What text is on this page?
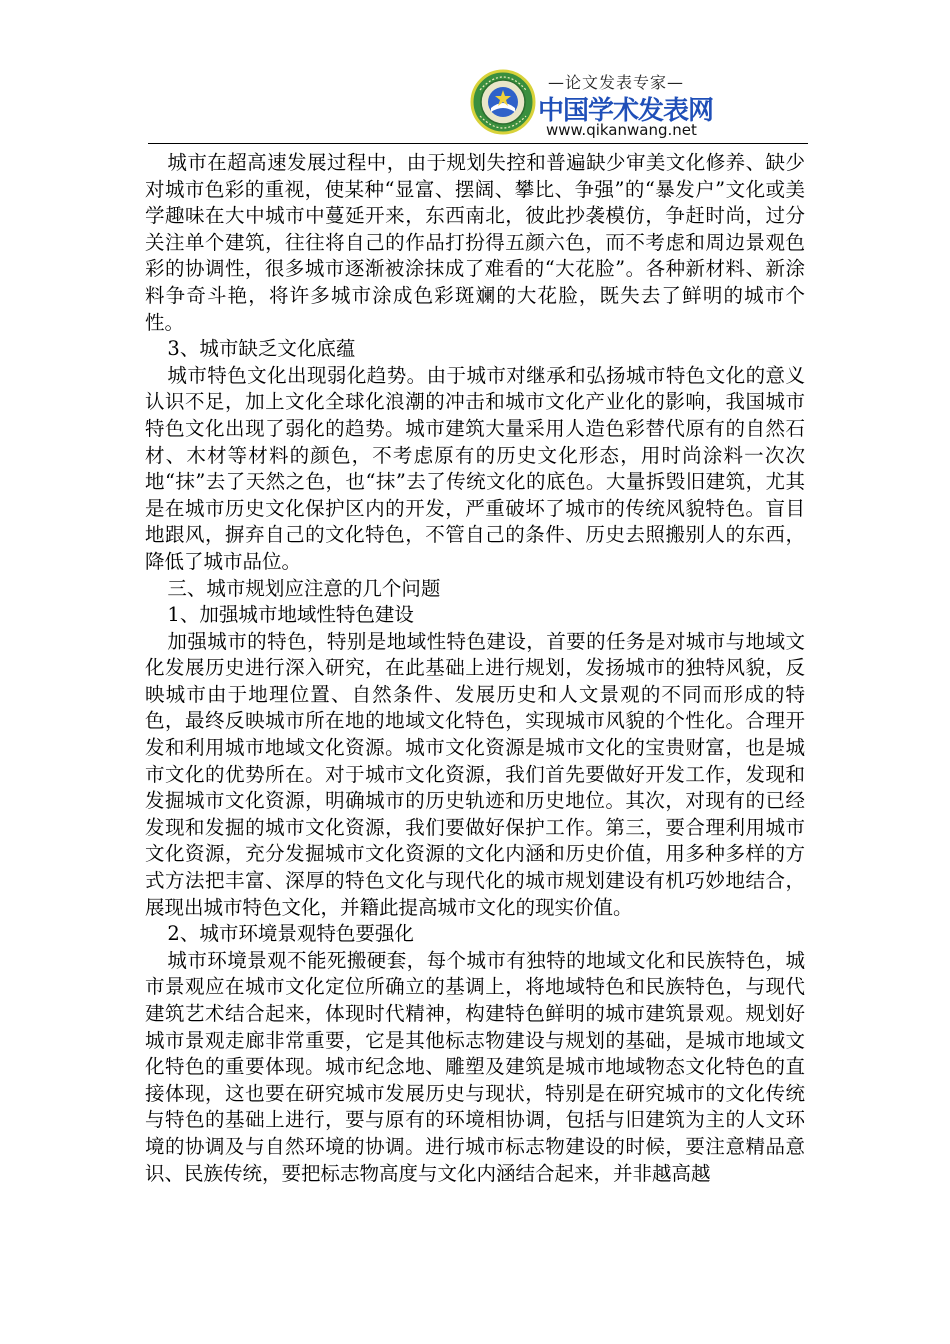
—论文发表专家—
中国学术发表网
www.qikanwang.net

城市在超高速发展过程中，由于规划失控和普遍缺少审美文化修养、缺少对城市色彩的重视，使某种“显富、摆阔、攀比、争强”的“暴发户”文化或美学趣味在大中城市中蔓延开来，东西南北，彼此抄袭模仿，争赶时尚，过分关注单个建筑，往往将自己的作品打扮得五颜六色，而不考虑和周边景观色彩的协调性，很多城市逐渐被涂抹成了难看的“大花脸”。各种新材料、新涂料争奇斗艳，将许多城市涂成色彩斑斓的大花脸，既失去了鲜明的城市个性。

3、城市缺乏文化底蕴

城市特色文化出现弱化趋势。由于城市对继承和弘扬城市特色文化的意义认识不足，加上文化全球化浪潮的冲击和城市文化产业化的影响，我国城市特色文化出现了弱化的趋势。城市建筑大量采用人造色彩替代原有的自然石材、木材等材料的颜色，不考虑原有的历史文化形态，用时尚涂料一次次地“抹”去了天然之色，也“抹”去了传统文化的底色。大量拆毁旧建筑，尤其是在城市历史文化保护区内的开发，严重破坏了城市的传统风貌特色。盲目地跟风，摒弃自己的文化特色，不管自己的条件、历史去照搬别人的东西，降低了城市品位。

三、城市规划应注意的几个问题

1、加强城市地域性特色建设

加强城市的特色，特别是地域性特色建设，首要的任务是对城市与地域文化发展历史进行深入研究，在此基础上进行规划，发扬城市的独特风貌，反映城市由于地理位置、自然条件、发展历史和人文景观的不同而形成的特色，最终反映城市所在地的地域文化特色，实现城市风貌的个性化。合理开发和利用城市地域文化资源。城市文化资源是城市文化的宝贵财富，也是城市文化的优势所在。对于城市文化资源，我们首先要做好开发工作，发现和发掘城市文化资源，明确城市的历史轨迹和历史地位。其次，对现有的已经发现和发掘的城市文化资源，我们要做好保护工作。第三，要合理利用城市文化资源，充分发掘城市文化资源的文化内涵和历史价值，用多种多样的方式方法把丰富、深厚的特色文化与现代化的城市规划建设有机巧妙地结合，展现出城市特色文化，并籍此提高城市文化的现实价值。

2、城市环境景观特色要强化

城市环境景观不能死搬硬套，每个城市有独特的地域文化和民族特色，城市景观应在城市文化定位所确立的基调上，将地域特色和民族特色，与现代建筑艺术结合起来，体现时代精神，构建特色鲜明的城市建筑景观。规划好城市景观走廊非常重要，它是其他标志物建设与规划的基础，是城市地域文化特色的重要体现。城市纪念地、雕塑及建筑是城市地域物态文化特色的直接体现，这也要在研究城市发展历史与现状，特别是在研究城市的文化传统与特色的基础上进行，要与原有的环境相协调，包括与旧建筑为主的人文环境的协调及与自然环境的协调。进行城市标志物建设的时候，要注意精品意识、民族传统，要把标志物高度与文化内涵结合起来，并非越高越
